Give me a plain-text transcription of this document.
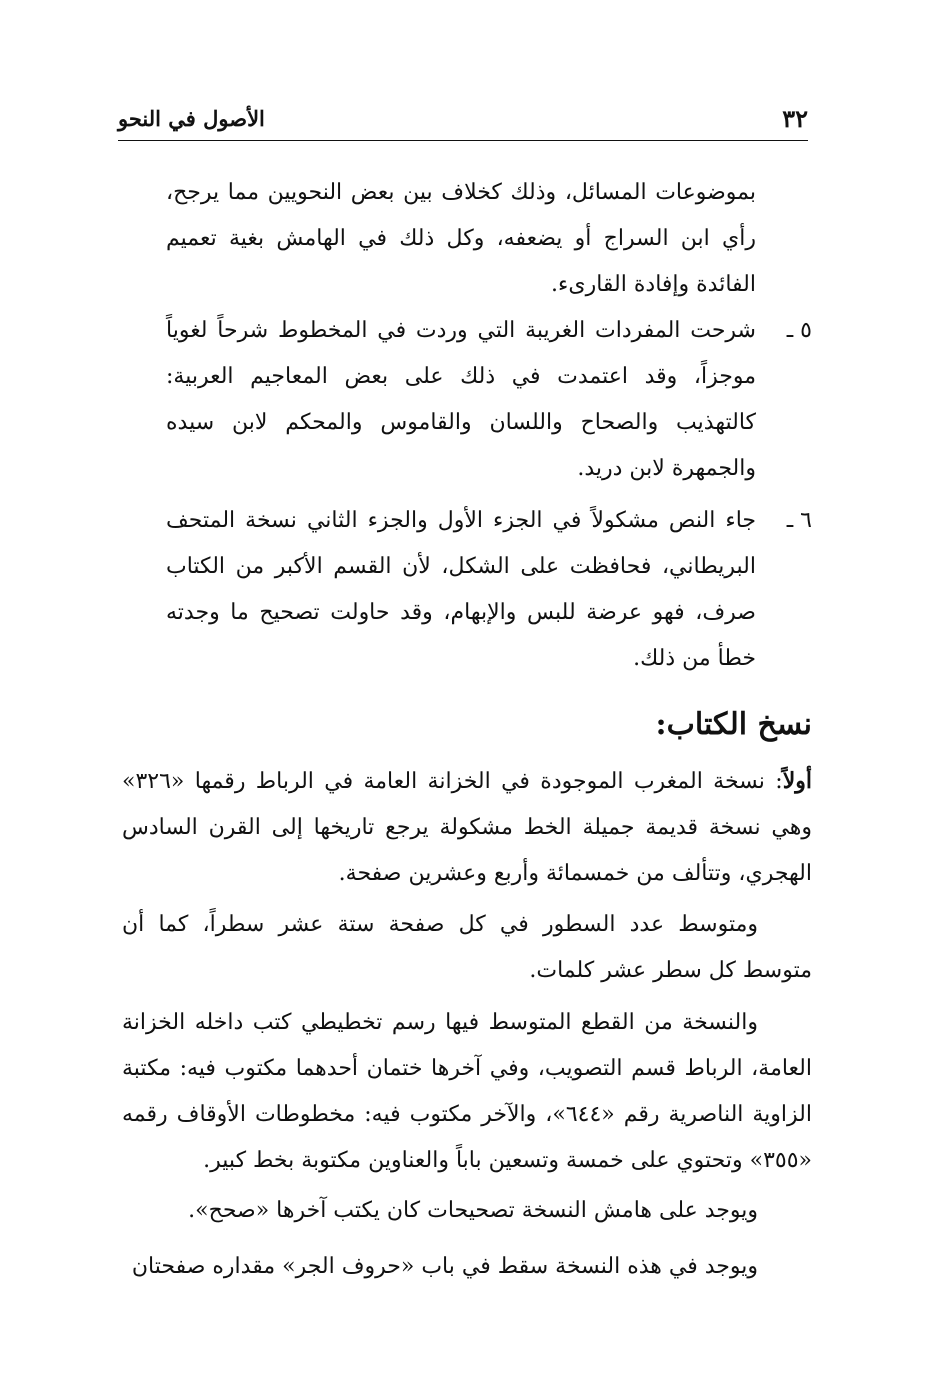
٣٢
الأصول في النحو
بموضوعات المسائل، وذلك كخلاف بين بعض النحويين مما يرجح، رأي ابن السراج أو يضعفه، وكل ذلك في الهامش بغية تعميم الفائدة وإفادة القارىء.
٥ ـ
شرحت المفردات الغريبة التي وردت في المخطوط شرحاً لغوياً موجزاً، وقد اعتمدت في ذلك على بعض المعاجيم العربية: كالتهذيب والصحاح واللسان والقاموس والمحكم لابن سيده والجمهرة لابن دريد.
٦ ـ
جاء النص مشكولاً في الجزء الأول والجزء الثاني نسخة المتحف البريطاني، فحافظت على الشكل، لأن القسم الأكبر من الكتاب صرف، فهو عرضة للبس والإبهام، وقد حاولت تصحيح ما وجدته خطأ من ذلك.
نسخ الكتاب:
أولاً: نسخة المغرب الموجودة في الخزانة العامة في الرباط رقمها «٣٢٦» وهي نسخة قديمة جميلة الخط مشكولة يرجع تاريخها إلى القرن السادس الهجري، وتتألف من خمسمائة وأربع وعشرين صفحة.
ومتوسط عدد السطور في كل صفحة ستة عشر سطراً، كما أن متوسط كل سطر عشر كلمات.
والنسخة من القطع المتوسط فيها رسم تخطيطي كتب داخله الخزانة العامة، الرباط قسم التصويب، وفي آخرها ختمان أحدهما مكتوب فيه: مكتبة الزاوية الناصرية رقم «٦٤٤»، والآخر مكتوب فيه: مخطوطات الأوقاف رقمه «٣٥٥» وتحتوي على خمسة وتسعين باباً والعناوين مكتوبة بخط كبير.
ويوجد على هامش النسخة تصحيحات كان يكتب آخرها «صحح».
ويوجد في هذه النسخة سقط في باب «حروف الجر» مقداره صفحتان
